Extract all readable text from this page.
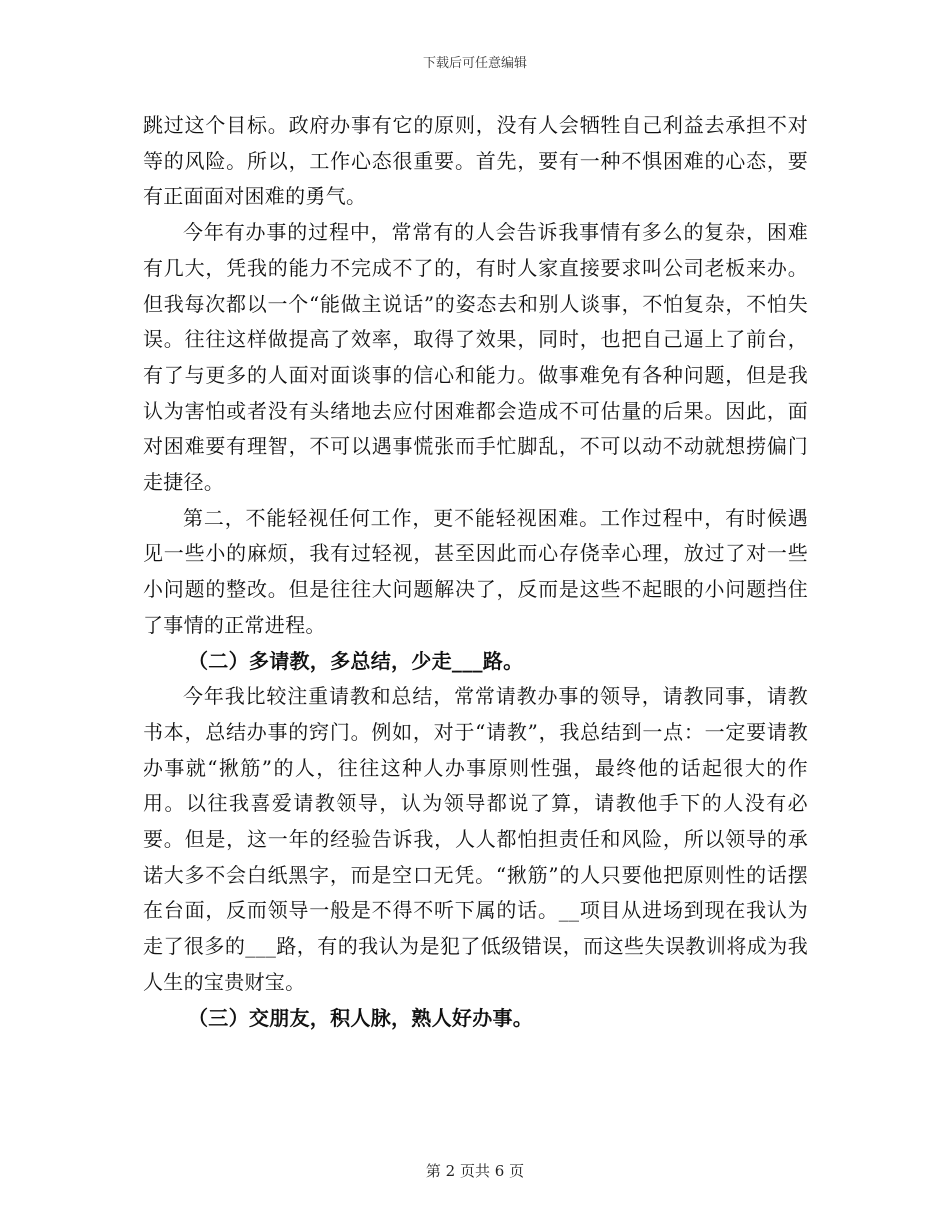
下载后可任意编辑

跳过这个目标。政府办事有它的原则，没有人会牺牲自己利益去承担不对等的风险。所以，工作心态很重要。首先，要有一种不惧困难的心态，要有正面面对困难的勇气。

今年有办事的过程中，常常有的人会告诉我事情有多么的复杂，困难有几大，凭我的能力不完成不了的，有时人家直接要求叫公司老板来办。但我每次都以一个“能做主说话”的姿态去和别人谈事，不怕复杂，不怕失误。往往这样做提高了效率，取得了效果，同时，也把自己逼上了前台，有了与更多的人面对面谈事的信心和能力。做事难免有各种问题，但是我认为害怕或者没有头绪地去应付困难都会造成不可估量的后果。因此，面对困难要有理智，不可以遇事慌张而手忙脚乱，不可以动不动就想捞偏门走捷径。

第二，不能轻视任何工作，更不能轻视困难。工作过程中，有时候遇见一些小的麻烦，我有过轻视，甚至因此而心存侥幸心理，放过了对一些小问题的整改。但是往往大问题解决了，反而是这些不起眼的小问题挡住了事情的正常进程。

（二）多请教，多总结，少走___路。

今年我比较注重请教和总结，常常请教办事的领导，请教同事，请教书本，总结办事的窍门。例如，对于“请教”，我总结到一点：一定要请教办事就“揪筋”的人，往往这种人办事原则性强，最终他的话起很大的作用。以往我喜爱请教领导，认为领导都说了算，请教他手下的人没有必要。但是，这一年的经验告诉我，人人都怕担责任和风险，所以领导的承诺大多不会白纸黑字，而是空口无凭。“揪筋”的人只要他把原则性的话摆在台面，反而领导一般是不得不听下属的话。__项目从进场到现在我认为走了很多的___路，有的我认为是犯了低级错误，而这些失误教训将成为我人生的宝贵财宝。

（三）交朋友，积人脉，熟人好办事。

第 2 页共 6 页
